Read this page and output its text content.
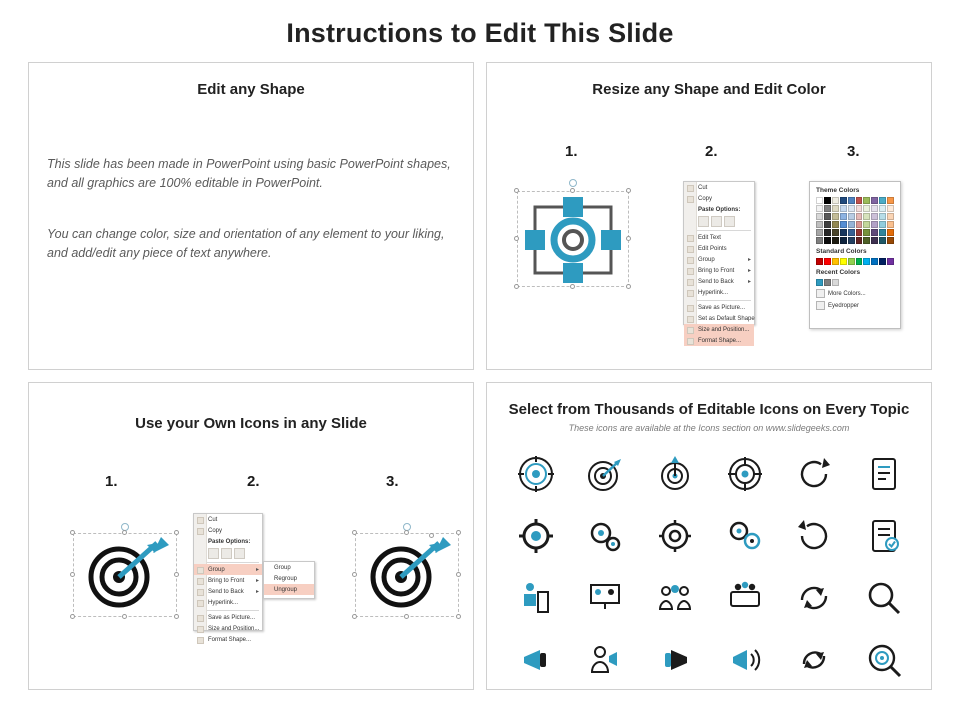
Instructions to Edit This Slide
Edit any Shape
This slide has been made in PowerPoint using basic PowerPoint shapes, and all graphics are 100% editable in PowerPoint.
You can change color, size and orientation of any element to your liking, and add/edit any piece of text anywhere.
Resize any Shape and Edit Color
1.	2.	3.
Cut
Copy
Paste Options:
Edit Text
Edit Points
Group	▸
Bring to Front ▸
Send to Back ▸
Hyperlink...
Save as Picture...
Set as Default Shape
Size and Position...
Format Shape...
Theme Colors
Standard Colors
Recent Colors
More Colors...
Eyedropper
Use your Own Icons in any Slide
1.	2.	3.
Cut
Copy
Paste Options:
Group	▸
Bring to Front ▸
Send to Back ▸
Hyperlink...
Save as Picture...
Size and Position...
Format Shape...
Group
Regroup
Ungroup
Select from Thousands of Editable Icons on Every Topic
These icons are available at the Icons section on www.slidegeeks.com
